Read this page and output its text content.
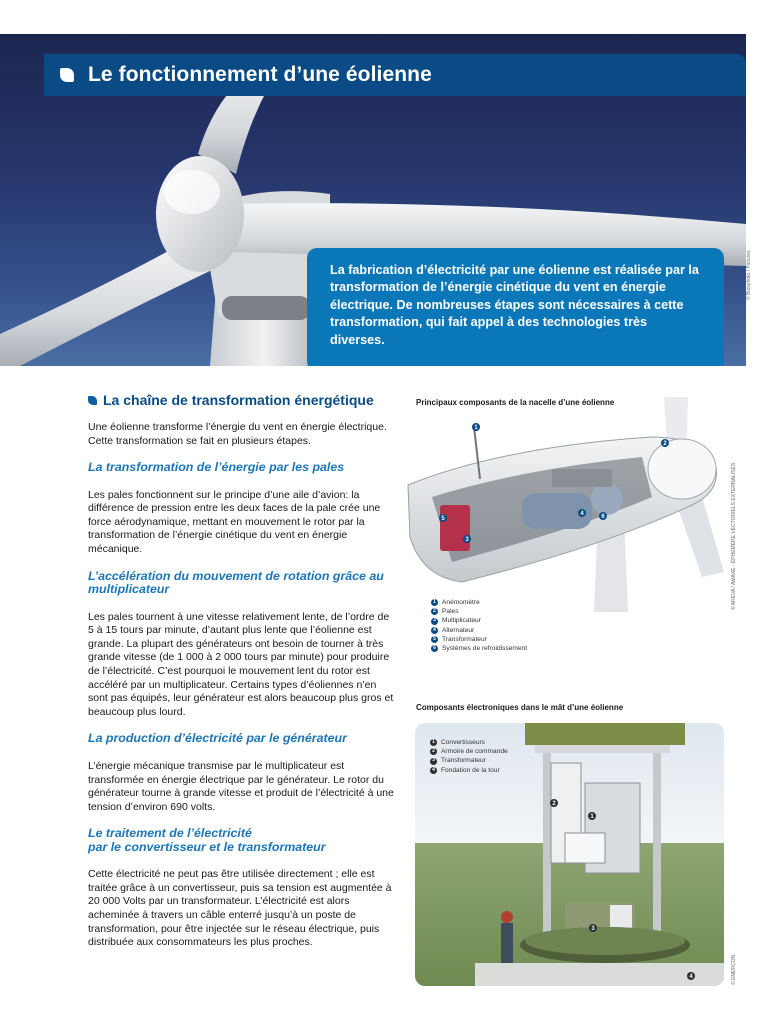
Le fonctionnement d’une éolienne

La fabrication d’électricité par une éolienne est réalisée par la transformation de l’énergie cinétique du vent en énergie électrique. De nombreuses étapes sont nécessaires à cette transformation, qui fait appel à des technologies très diverses.

© Biosphoto / Pictures
La chaîne de transformation énergétique

Une éolienne transforme l’énergie du vent en énergie électrique. Cette transformation se fait en plusieurs étapes.

La transformation de l’énergie par les pales

Les pales fonctionnent sur le principe d’une aile d’avion: la différence de pression entre les deux faces de la pale crée une force aérodynamique, mettant en mouvement le rotor par la transformation de l’énergie cinétique du vent en énergie mécanique.

L’accélération du mouvement de rotation grâce au multiplicateur

Les pales tournent à une vitesse relativement lente, de l’ordre de 5 à 15 tours par minute, d’autant plus lente que l’éolienne est grande. La plupart des générateurs ont besoin de tourner à très grande vitesse (de 1 000 à 2 000 tours par minute) pour produire de l’électricité. C’est pourquoi le mouvement lent du rotor est accéléré par un multiplicateur. Certains types d’éoliennes n’en sont pas équipés, leur générateur est alors beaucoup plus gros et beaucoup plus lourd.

La production d’électricité par le générateur

L’énergie mécanique transmise par le multiplicateur est transformée en énergie électrique par le générateur. Le rotor du générateur tourne à grande vitesse et produit de l’électricité à une tension d’environ 690 volts.

Le traitement de l’électricité
par le convertisseur et le transformateur

Cette électricité ne peut pas être utilisée directement ; elle est traitée grâce à un convertisseur, puis sa tension est augmentée à 20 000 Volts par un transformateur. L’électricité est alors acheminée à travers un câble enterré jusqu’à un poste de transformation, pour être injectée sur le réseau électrique, puis distribuée aux consommateurs les plus proches.

Principaux composants de la nacelle d’une éolienne
1
2
3
4
5	6
1 Anémomètre
2 Pales
3 Multiplicateur
4 Alternateur
5 Transformateur
6 Systèmes de refroidissement
© AREVA / AMAXE - ÉPHÉMÈRE VÉCTORIELS EXTERNALISÉS
Composants électroniques dans le mât d’une éolienne
1
2
3
4
1 Convertisseurs
2 Armoire de commande
3 Transformateur
4 Fondation de la tour
© ENERCON
